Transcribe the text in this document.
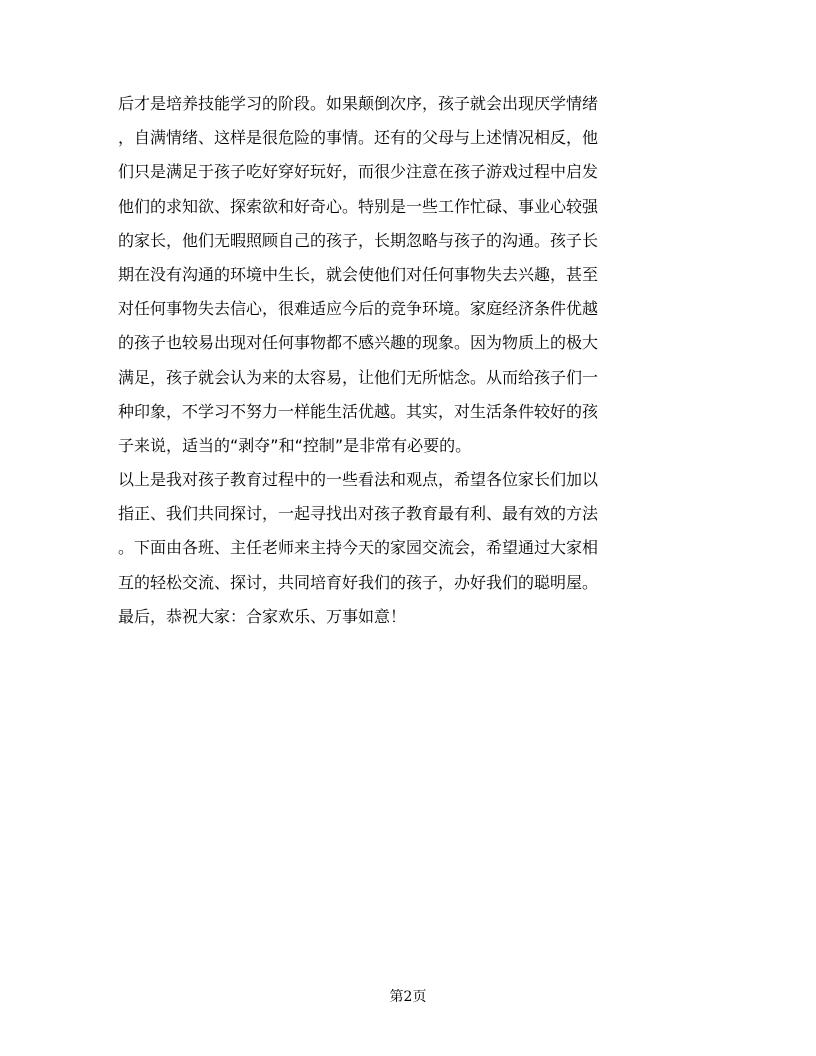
后才是培养技能学习的阶段。如果颠倒次序，孩子就会出现厌学情绪
，自满情绪、这样是很危险的事情。还有的父母与上述情况相反，他
们只是满足于孩子吃好穿好玩好，而很少注意在孩子游戏过程中启发
他们的求知欲、探索欲和好奇心。特别是一些工作忙碌、事业心较强
的家长，他们无暇照顾自己的孩子，长期忽略与孩子的沟通。孩子长
期在没有沟通的环境中生长，就会使他们对任何事物失去兴趣，甚至
对任何事物失去信心，很难适应今后的竞争环境。家庭经济条件优越
的孩子也较易出现对任何事物都不感兴趣的现象。因为物质上的极大
满足，孩子就会认为来的太容易，让他们无所惦念。从而给孩子们一
种印象，不学习不努力一样能生活优越。其实，对生活条件较好的孩
子来说，适当的“剥夺”和“控制”是非常有必要的。
以上是我对孩子教育过程中的一些看法和观点，希望各位家长们加以
指正、我们共同探讨，一起寻找出对孩子教育最有利、最有效的方法
。下面由各班、主任老师来主持今天的家园交流会，希望通过大家相
互的轻松交流、探讨，共同培育好我们的孩子，办好我们的聪明屋。
最后，恭祝大家：合家欢乐、万事如意！
第2页
